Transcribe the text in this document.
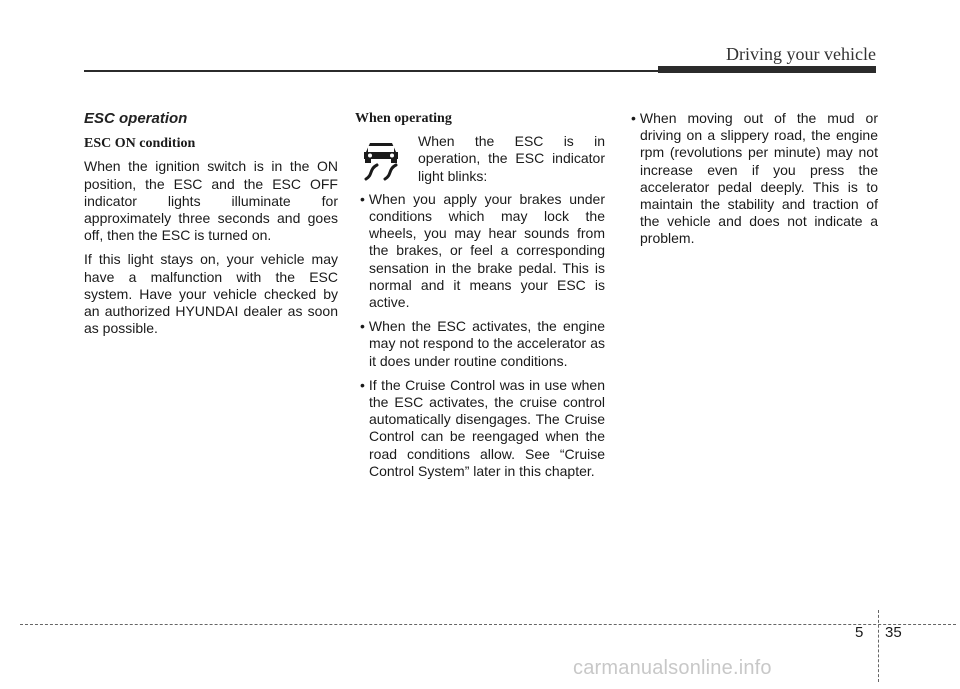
Driving your vehicle
ESC operation
ESC ON condition

When the ignition switch is in the ON position, the ESC and the ESC OFF indicator lights illuminate for approximately three seconds and goes off, then the ESC is turned on.

If this light stays on, your vehicle may have a malfunction with the ESC system. Have your vehicle checked by an authorized HYUNDAI dealer as soon as possible.

When operating

When the ESC is in operation, the ESC indicator light blinks:

• When you apply your brakes under conditions which may lock the wheels, you may hear sounds from the brakes, or feel a corresponding sensation in the brake pedal. This is normal and it means your ESC is active.
• When the ESC activates, the engine may not respond to the accelerator as it does under routine conditions.
• If the Cruise Control was in use when the ESC activates, the cruise control automatically disengages. The Cruise Control can be reengaged when the road conditions allow. See “Cruise Control System” later in this chapter.
• When moving out of the mud or driving on a slippery road, the engine rpm (revolutions per minute) may not increase even if you press the accelerator pedal deeply. This is to maintain the stability and traction of the vehicle and does not indicate a problem.
5 35
carmanualsonline.info
